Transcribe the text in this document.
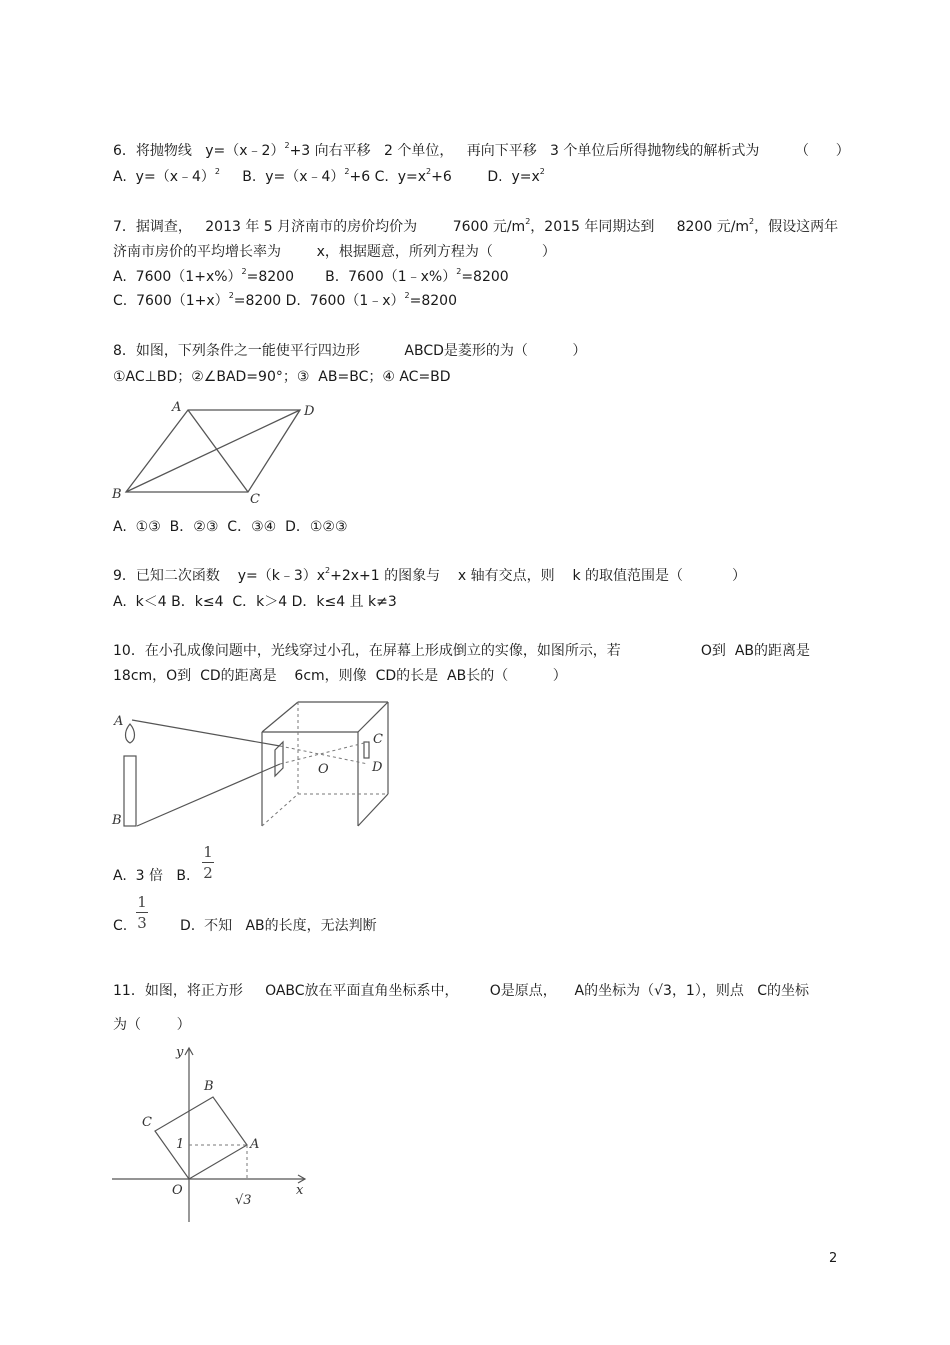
6．将抛物线   y=（x﹣2）$^2$+3 向右平移   2 个单位，   再向下平移   3 个单位后所得抛物线的解析式为        （      ）
A.  y=（x﹣4）$^2$     B.  y=（x﹣4）$^2$+6 C.  $y=x^2+6$        D.  $y=x^2$
7．据调查，   2013 年 5 月济南市的房价均价为        7600 元$/m^2$，2015 年同期达到     8200 元$/m^2$，假设这两年
济南市房价的平均增长率为        x，根据题意，所列方程为（           ）
A.  $7600(1+x\%)^2=8200$       B.  7600（1﹣x%）$^2$=8200
C.  $7600(1+x)^2=8200$ D.  7600（1﹣x）$^2$=8200
8．如图，下列条件之一能使平行四边形          ABCD是菱形的为（          ）
①AC⊥BD；②∠BAD=90°；③  AB=BC；④ AC=BD
A
B	C
D
A.  ①③  B．②③  C．③④  D．①②③
9．已知二次函数    $y=(k﹣3)x^2+2x+1$ 的图象与    x 轴有交点，则    k 的取值范围是（           ）
A.  k＜4 B．k≤4  C．k＞4 D．k≤4 且 k≠3
10．在小孔成像问题中，光线穿过小孔，在屏幕上形成倒立的实像，如图所示，若                  O到  AB的距离是
18cm，O到  CD的距离是    6cm，则像  CD的长是  AB长的（          ）
A
B
C
D
O
A.  3 倍   B.
1
2
C.
1
3 D.  不知   AB的长度，无法判断
11．如图，将正方形     OABC放在平面直角坐标系中，       O是原点，    A的坐标为（√3，1），则点   C的坐标
为（        ）
y
x
O
A
B
C
1
√3
2
